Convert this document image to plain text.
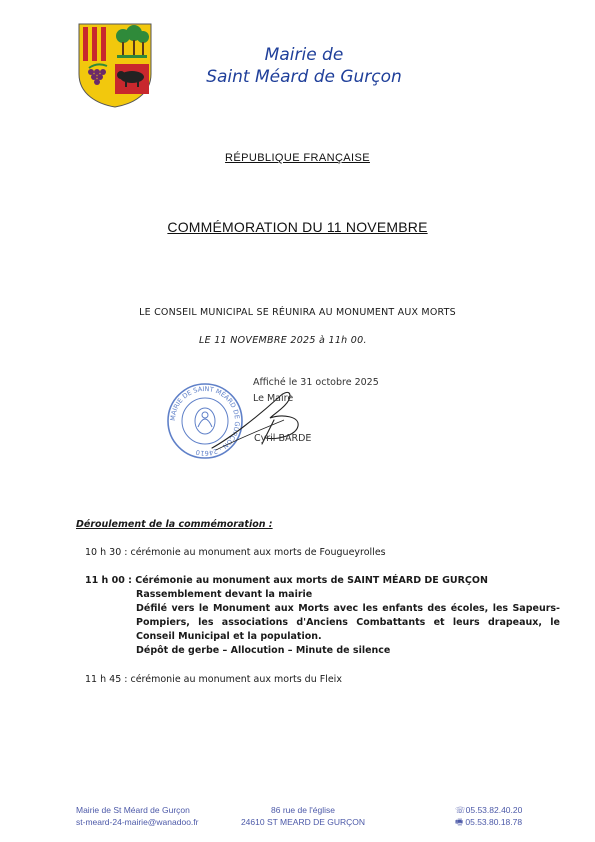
Mairie de
Saint Méard de Gurçon
RÉPUBLIQUE FRANÇAISE
COMMÉMORATION DU 11 NOVEMBRE
LE CONSEIL MUNICIPAL SE RÉUNIRA AU MONUMENT AUX MORTS
LE 11 NOVEMBRE 2025 à 11h 00.
MAIRIE DE SAINT MÉARD DE GURÇON · 24610
Affiché le 31 octobre 2025
Le Maire
Cyril BARDE
Déroulement de la commémoration :
10 h 30 : cérémonie au monument aux morts de Fougueyrolles
11 h 00 : Cérémonie au monument aux morts de SAINT MÉARD DE GURÇON
Rassemblement devant la mairie
Défilé vers le Monument aux Morts avec les enfants des écoles, les Sapeurs-Pompiers, les associations d'Anciens Combattants et leurs drapeaux, le Conseil Municipal et la population.
Dépôt de gerbe – Allocution – Minute de silence
11 h 45 : cérémonie au monument aux morts du Fleix
Mairie de St Méard de Gurçon
st-meard-24-mairie@wanadoo.fr
86 rue de l'église
24610 ST MEARD DE GURÇON
☏05.53.82.40.20
🖷 05.53.80.18.78
